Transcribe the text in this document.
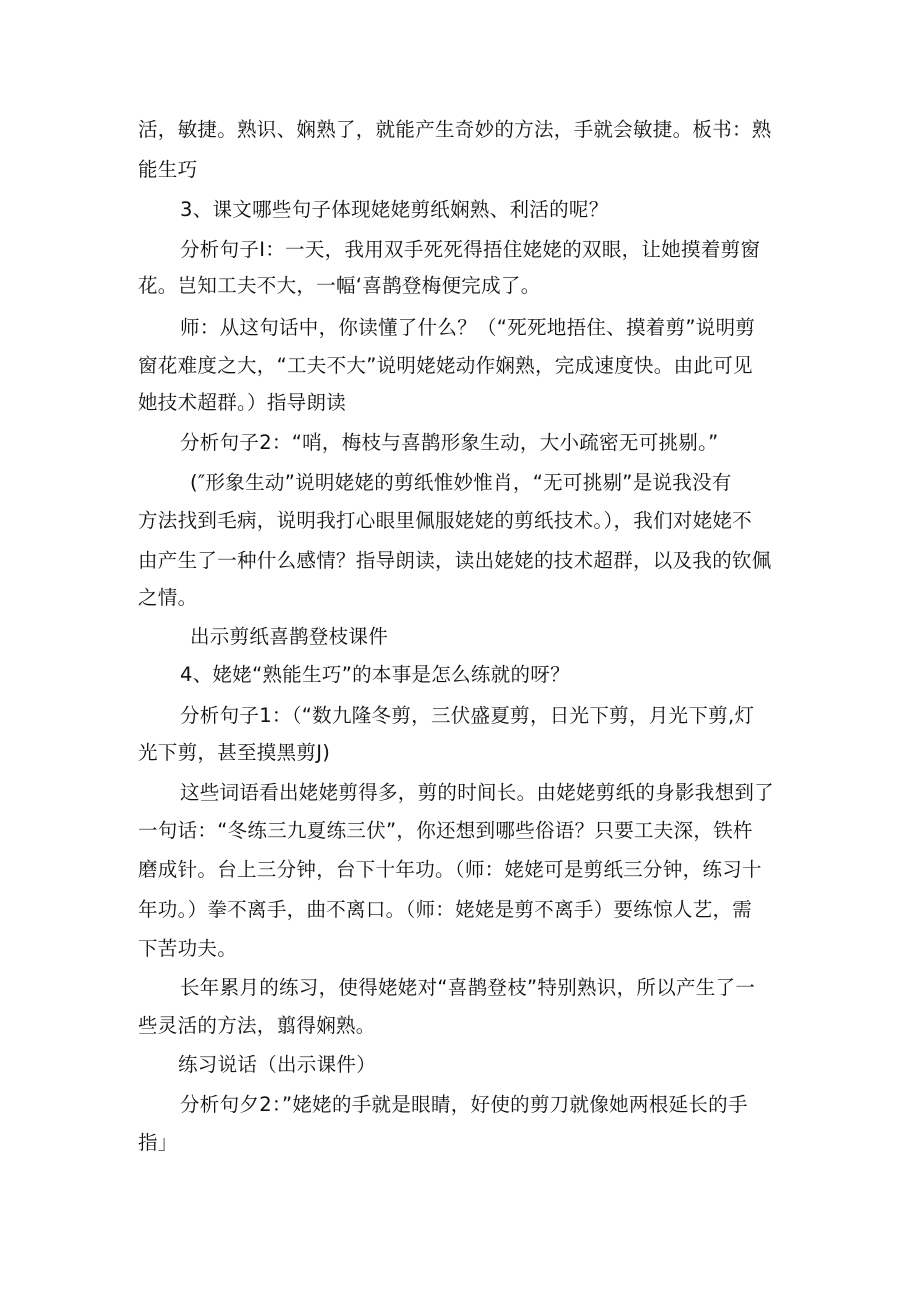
活，敏捷。熟识、娴熟了，就能产生奇妙的方法，手就会敏捷。板书：熟
能生巧
3、课文哪些句子体现姥姥剪纸娴熟、利活的呢？
分析句子I：一天，我用双手死死得捂住姥姥的双眼，让她摸着剪窗
花。岂知工夫不大，一幅‘喜鹊登梅便完成了。
师：从这句话中，你读懂了什么？（“死死地捂住、摸着剪”说明剪
窗花难度之大，“工夫不大”说明姥姥动作娴熟，完成速度快。由此可见
她技术超群。）指导朗读
分析句子2：“哨，梅枝与喜鹊形象生动，大小疏密无可挑剔。”
(″形象生动”说明姥姥的剪纸惟妙惟肖，“无可挑剔”是说我没有
方法找到毛病，说明我打心眼里佩服姥姥的剪纸技术。），我们对姥姥不
由产生了一种什么感情？指导朗读，读出姥姥的技术超群，以及我的钦佩
之情。
出示剪纸喜鹊登枝课件
4、姥姥“熟能生巧”的本事是怎么练就的呀？
分析句子1：（“数九隆冬剪，三伏盛夏剪，日光下剪，月光下剪,灯
光下剪，甚至摸黑剪J)
这些词语看出姥姥剪得多，剪的时间长。由姥姥剪纸的身影我想到了
一句话：“冬练三九夏练三伏”，你还想到哪些俗语？只要工夫深，铁杵
磨成针。台上三分钟，台下十年功。（师：姥姥可是剪纸三分钟，练习十
年功。）拳不离手，曲不离口。（师：姥姥是剪不离手）要练惊人艺，需
下苦功夫。
长年累月的练习，使得姥姥对“喜鹊登枝”特别熟识，所以产生了一
些灵活的方法，翦得娴熟。
练习说话（出示课件）
分析句夕2：”姥姥的手就是眼睛，好使的剪刀就像她两根延长的手
指」
